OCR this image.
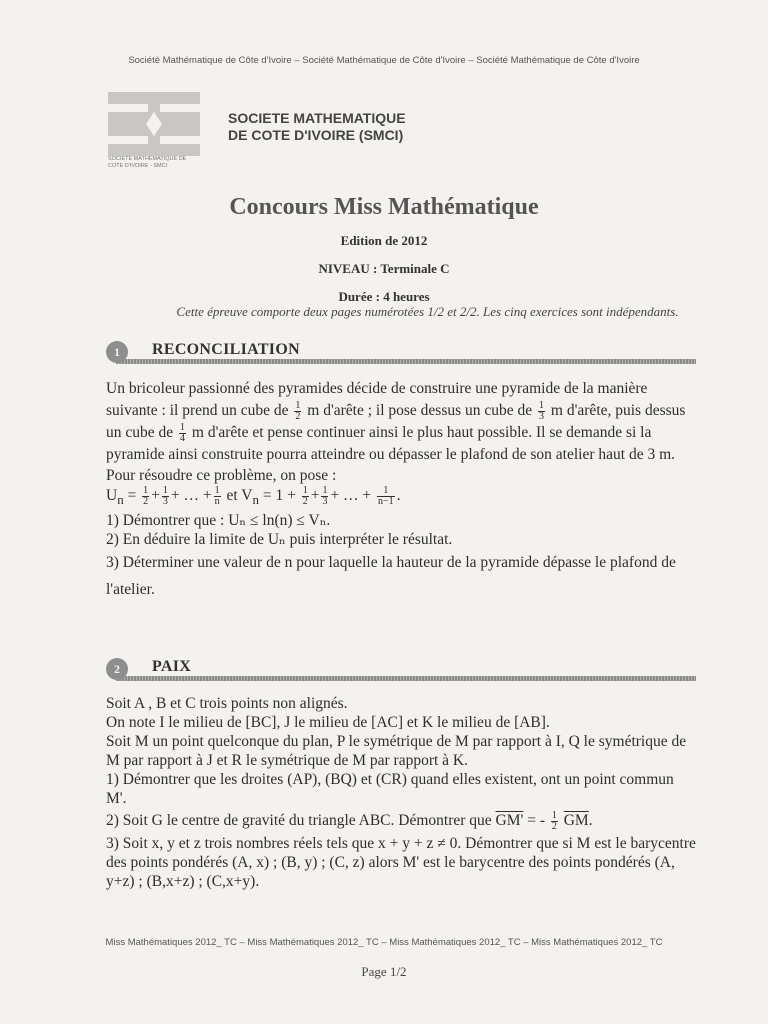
Société Mathématique de Côte d'Ivoire – Société Mathématique de Côte d'Ivoire – Société Mathématique de Côte d'Ivoire
SOCIETE MATHEMATIQUE DE COTE D'IVOIRE - SMCI
SOCIETE MATHEMATIQUE
DE COTE D'IVOIRE (SMCI)
Concours Miss Mathématique
Edition de 2012
NIVEAU : Terminale C
Durée : 4 heures
Cette épreuve comporte deux pages numérotées 1/2 et 2/2. Les cinq exercices sont indépendants.
1	RECONCILIATION

Un bricoleur passionné des pyramides décide de construire une pyramide de la manière suivante : il prend un cube de $\frac{1}{2}$ m d'arête ; il pose dessus un cube de $\frac{1}{3}$ m d'arête, puis dessus un cube de $\frac{1}{4}$ m d'arête et pense continuer ainsi le plus haut possible. Il se demande si la pyramide ainsi construite pourra atteindre ou dépasser le plafond de son atelier haut de 3 m.

Pour résoudre ce problème, on pose :

$U_n = \frac{1}{2} + \frac{1}{3}$ + … + $\frac{1}{n}$ et $V_n = 1 + \frac{1}{2} + \frac{1}{3}$ + … + $\frac{1}{n-1}$ .

1) Démontrer que : Uₙ ≤ ln(n) ≤ Vₙ.

2) En déduire la limite de Uₙ puis interpréter le résultat.

3) Déterminer une valeur de n pour laquelle la hauteur de la pyramide dépasse le plafond de l'atelier.

2	PAIX

Soit A , B et C trois points non alignés.

On note I le milieu de [BC], J le milieu de [AC] et K le milieu de [AB].

Soit M un point quelconque du plan, P le symétrique de M par rapport à I, Q le symétrique de M par rapport à J et R le symétrique de M par rapport à K.

1) Démontrer que les droites (AP), (BQ) et (CR) quand elles existent, ont un point commun M'.

2) Soit G le centre de gravité du triangle ABC. Démontrer que GM' = - $\frac{1}{2} \overline{GM}$.

3) Soit x, y et z trois nombres réels tels que x + y + z ≠ 0. Démontrer que si M est le barycentre des points pondérés (A, x) ; (B, y) ; (C, z) alors M' est le barycentre des points pondérés (A, y+z) ; (B,x+z) ; (C,x+y).

Miss Mathématiques 2012_ TC – Miss Mathématiques 2012_ TC – Miss Mathématiques 2012_ TC – Miss Mathématiques 2012_ TC
Page 1/2
